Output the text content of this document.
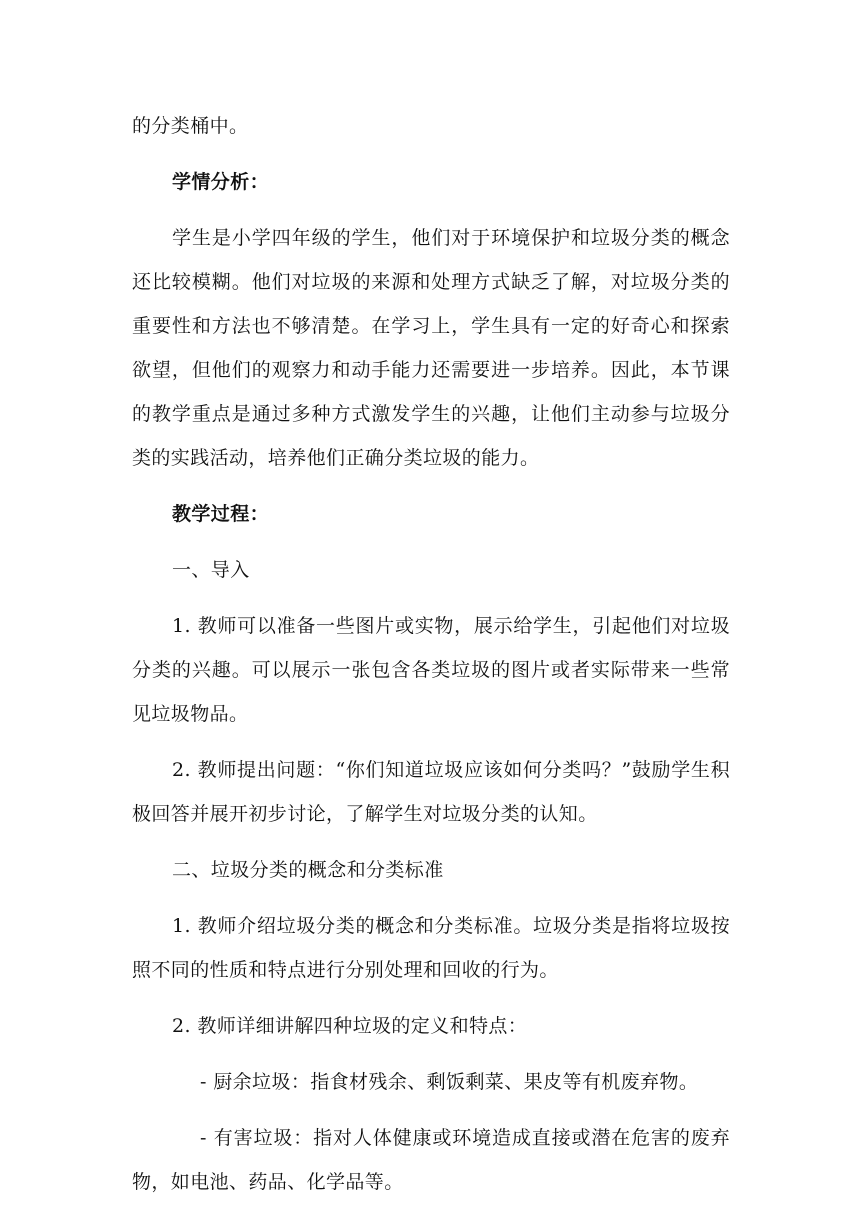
的分类桶中。

学情分析：

学生是小学四年级的学生，他们对于环境保护和垃圾分类的概念还比较模糊。他们对垃圾的来源和处理方式缺乏了解，对垃圾分类的重要性和方法也不够清楚。在学习上，学生具有一定的好奇心和探索欲望，但他们的观察力和动手能力还需要进一步培养。因此，本节课的教学重点是通过多种方式激发学生的兴趣，让他们主动参与垃圾分类的实践活动，培养他们正确分类垃圾的能力。

教学过程：

一、导入

1. 教师可以准备一些图片或实物，展示给学生，引起他们对垃圾分类的兴趣。可以展示一张包含各类垃圾的图片或者实际带来一些常见垃圾物品。

2. 教师提出问题：“你们知道垃圾应该如何分类吗？”鼓励学生积极回答并展开初步讨论，了解学生对垃圾分类的认知。

二、垃圾分类的概念和分类标准

1. 教师介绍垃圾分类的概念和分类标准。垃圾分类是指将垃圾按照不同的性质和特点进行分别处理和回收的行为。

2. 教师详细讲解四种垃圾的定义和特点：

- 厨余垃圾：指食材残余、剩饭剩菜、果皮等有机废弃物。

- 有害垃圾：指对人体健康或环境造成直接或潜在危害的废弃物，如电池、药品、化学品等。
